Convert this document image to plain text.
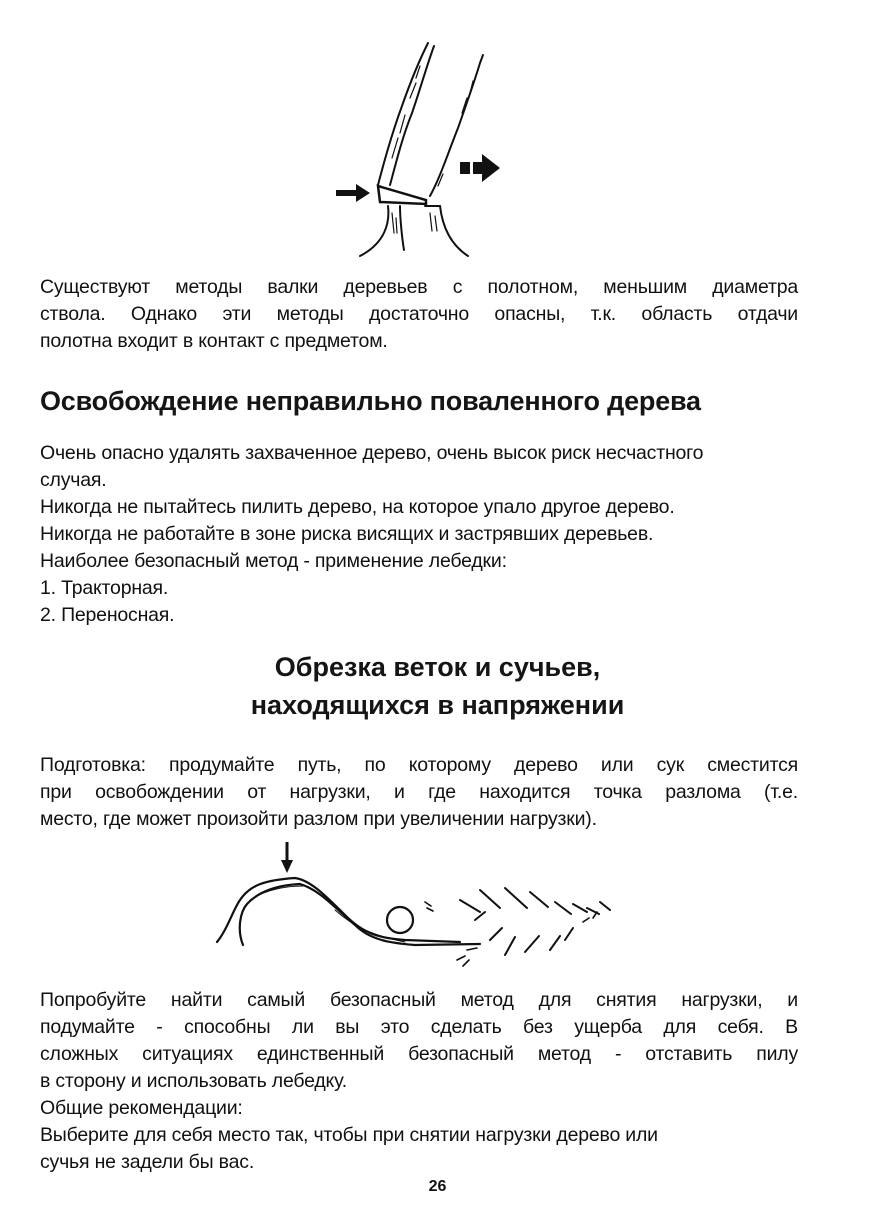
Существуют методы валки деревьев с полотном, меньшим диаметра
ствола. Однако эти методы достаточно опасны, т.к. область отдачи
полотна входит в контакт с предметом.
Освобождение неправильно поваленного дерева
Очень опасно удалять захваченное дерево, очень высок риск несчастного
случая.
Никогда не пытайтесь пилить дерево, на которое упало другое дерево.
Никогда не работайте в зоне риска висящих и застрявших деревьев.
Наиболее безопасный метод - применение лебедки:
1. Тракторная.
2. Переносная.
Обрезка веток и сучьев,
находящихся в напряжении
Подготовка: продумайте путь, по которому дерево или сук сместится
при освобождении от нагрузки, и где находится точка разлома (т.е.
место, где может произойти разлом при увеличении нагрузки).
Попробуйте найти самый безопасный метод для снятия нагрузки, и
подумайте - способны ли вы это сделать без ущерба для себя. В
сложных ситуациях единственный безопасный метод - отставить пилу
в сторону и использовать лебедку.
Общие рекомендации:
Выберите для себя место так, чтобы при снятии нагрузки дерево или
сучья не задели бы вас.
26
